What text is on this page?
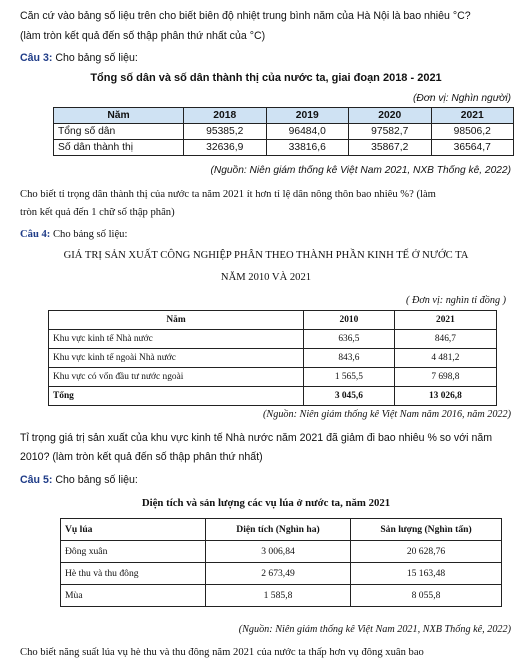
Căn cứ vào bảng số liệu trên cho biết biên độ nhiệt trung bình năm của Hà Nội là bao nhiêu °C?
(làm tròn kết quả đến số thập phân thứ nhất của °C)
Câu 3: Cho bảng số liệu:
Tổng số dân và số dân thành thị của nước ta, giai đoạn 2018 - 2021
(Đơn vị: Nghìn người)
Năm	2018	2019	2020	2021
Tổng số dân	95385,2	96484,0	97582,7	98506,2
Số dân thành thị	32636,9	33816,6	35867,2	36564,7
(Nguồn: Niên giám thống kê Việt Nam 2021, NXB Thống kê, 2022)
Cho biết tỉ trọng dân thành thị của nước ta năm 2021 ít hơn tỉ lệ dân nông thôn bao nhiêu %? (làm
tròn kết quả đến 1 chữ số thập phân)
Câu 4: Cho bảng số liệu:
GIÁ TRỊ SẢN XUẤT CÔNG NGHIỆP PHÂN THEO THÀNH PHẦN KINH TẾ Ở NƯỚC TA
NĂM 2010 VÀ 2021
( Đơn vị: nghìn tỉ đồng )
Năm	2010	2021
Khu vực kinh tế Nhà nước	636,5	846,7
Khu vực kinh tế ngoài Nhà nước	843,6	4 481,2
Khu vực có vốn đầu tư nước ngoài	1 565,5	7 698,8
Tổng	3 045,6	13 026,8
(Nguồn: Niên giám thống kê Việt Nam năm 2016, năm 2022)
Tỉ trọng giá trị sản xuất của khu vực kinh tế Nhà nước năm 2021 đã giảm đi bao nhiêu % so với năm
2010? (làm tròn kết quả đến số thập phân thứ nhất)
Câu 5: Cho bảng số liệu:
Diện tích và sản lượng các vụ lúa ở nước ta, năm 2021
Vụ lúa	Diện tích (Nghìn ha)	Sản lượng (Nghìn tấn)
Đông xuân	3 006,84	20 628,76
Hè thu và thu đông	2 673,49	15 163,48
Mùa	1 585,8	8 055,8
(Nguồn: Niên giám thống kê Việt Nam 2021, NXB Thống kê, 2022)
Cho biết năng suất lúa vụ hè thu và thu đông năm 2021 của nước ta thấp hơn vụ đông xuân bao
